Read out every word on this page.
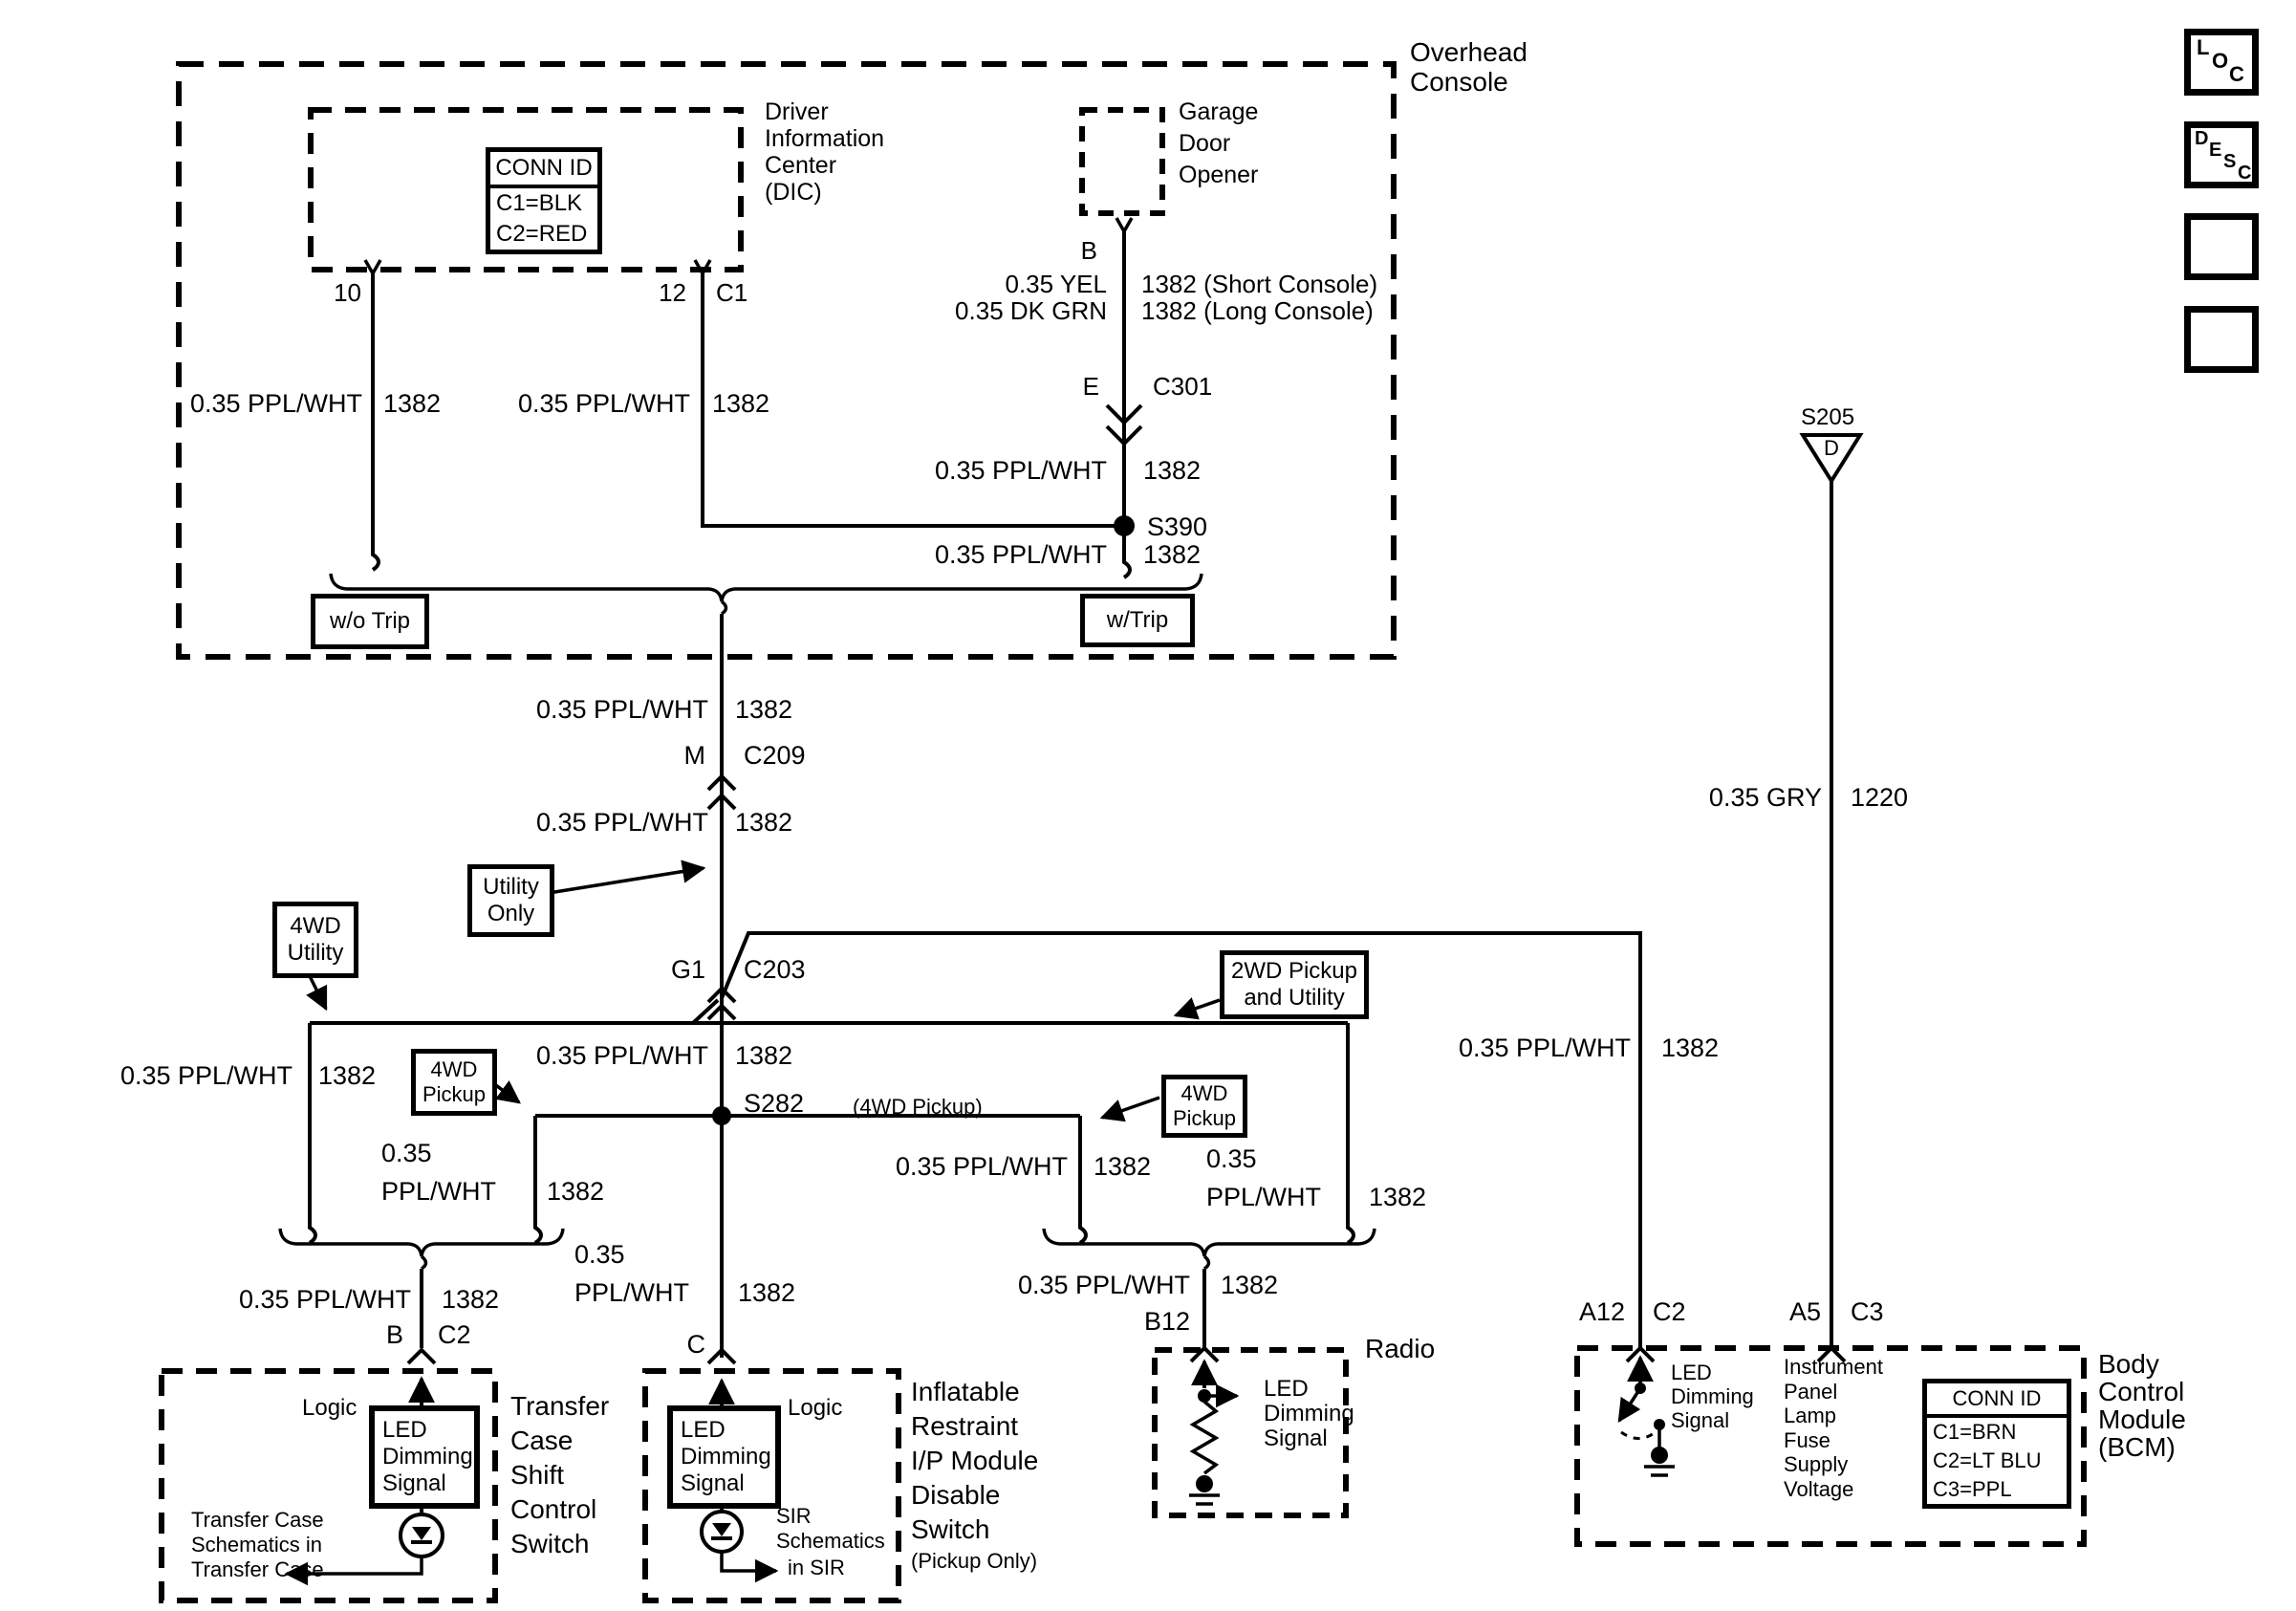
L
O
C
D
E
S
C
Overhead
Console
Driver
Information
Center
(DIC)
CONN ID
C1=BLK
C2=RED
Garage
Door
Opener
10	12 C1
B
0.35 YEL 1382 (Short Console)
0.35 DK GRN 1382 (Long Console)
E C301
0.35 PPL/WHT 1382
S390
0.35 PPL/WHT 1382
0.35 PPL/WHT 1382	0.35 PPL/WHT 1382
w/o Trip	w/Trip
0.35 PPL/WHT 1382
M C209
0.35 PPL/WHT 1382
Utility
Only
G1 C203
4WD
Utility
0.35 PPL/WHT 1382
S282 (4WD Pickup)
4WD
Pickup	4WD
Pickup
2WD Pickup
and Utility
0.35 PPL/WHT 1382
0.35
PPL/WHT 1382
0.35 PPL/WHT 1382 0.35
PPL/WHT 1382
0.35 PPL/WHT 1382
0.35 GRY 1220
S205
D
0.35 PPL/WHT 1382
B C2
0.35
PPL/WHT 1382
C
0.35 PPL/WHT 1382
B12	A12 C2	A5 C3
Transfer
Case
Shift
Control
Switch
Logic
LED
Dimming
Signal
Transfer Case
Schematics in
Transfer Case
Inflatable
Restraint
I/P Module
Disable
Switch
(Pickup Only)
LED
Dimming
Signal
Logic
SIR
Schematics
in SIR
Radio
LED
Dimming
Signal
LED
Dimming
Signal
Instrument
Panel
Lamp
Fuse
Supply
Voltage
CONN ID
C1=BRN
C2=LT BLU
C3=PPL
Body
Control
Module
(BCM)
